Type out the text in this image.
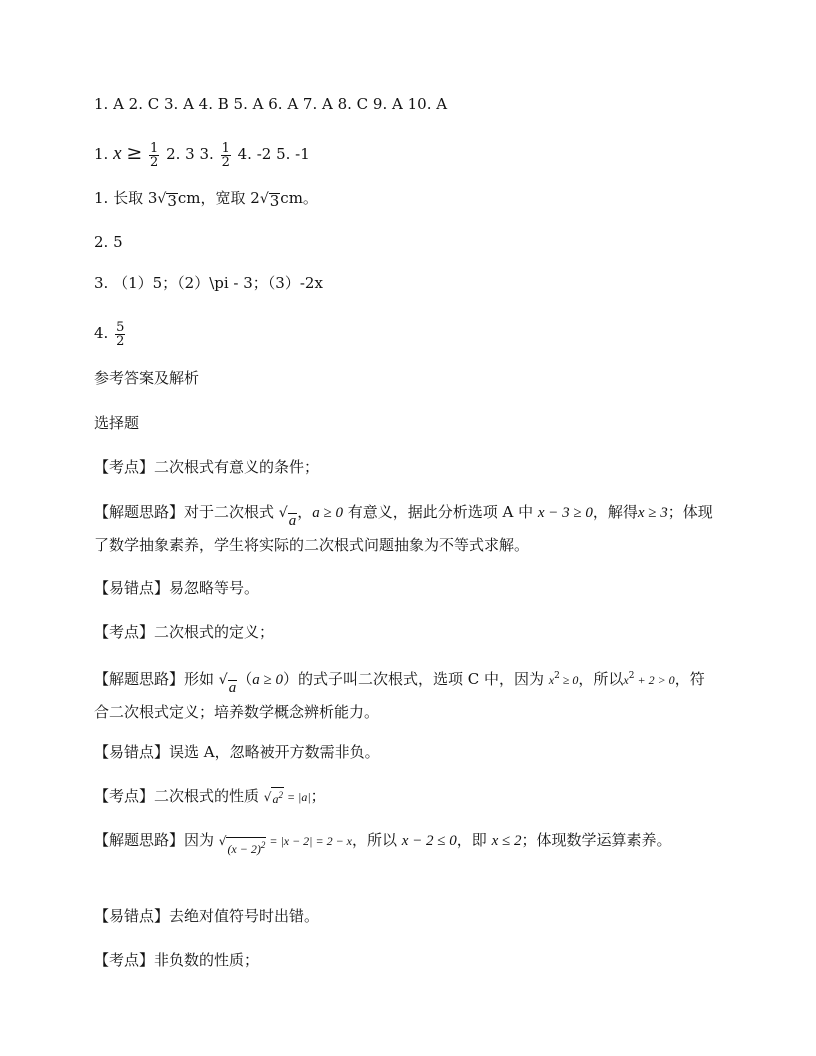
1. A 2. C 3. A 4. B 5. A 6. A 7. A 8. C 9. A 10. A
1. $x \ge \frac{1}{2} 2$. 3 3. $\frac{1}{2} 4$. -2 5. -1
1. 长取 3 √ 3 cm，宽取 2 √ 3 cm。
2. 5
3. （1）5；（2）\pi - 3；（3）-2x
4. $\frac{5}{2}$
参考答案及解析
选择题
【考点】二次根式有意义的条件；
【解题思路】对于二次根式 √ a ，a ≥ 0 有意义，据此分析选项 A 中 x − 3 ≥ 0，解得x ≥ 3；体现了数学抽象素养，学生将实际的二次根式问题抽象为不等式求解。
【易错点】易忽略等号。
【考点】二次根式的定义；
【解题思路】形如 √ a （a ≥ 0）的式子叫二次根式，选项 C 中，因为 $x^2 \ge 0$，所以$x^2 + 2 > 0$，符合二次根式定义；培养数学概念辨析能力。
【易错点】误选 A，忽略被开方数需非负。
【考点】二次根式的性质 √ $a^2 = |a|$；
【解题思路】因为 √
$(x - 2)^2 = |x - 2| = 2 - x$，所以 x − 2 ≤ 0，即 x ≤ 2；体现数学运算素养。
【易错点】去绝对值符号时出错。
【考点】非负数的性质；
